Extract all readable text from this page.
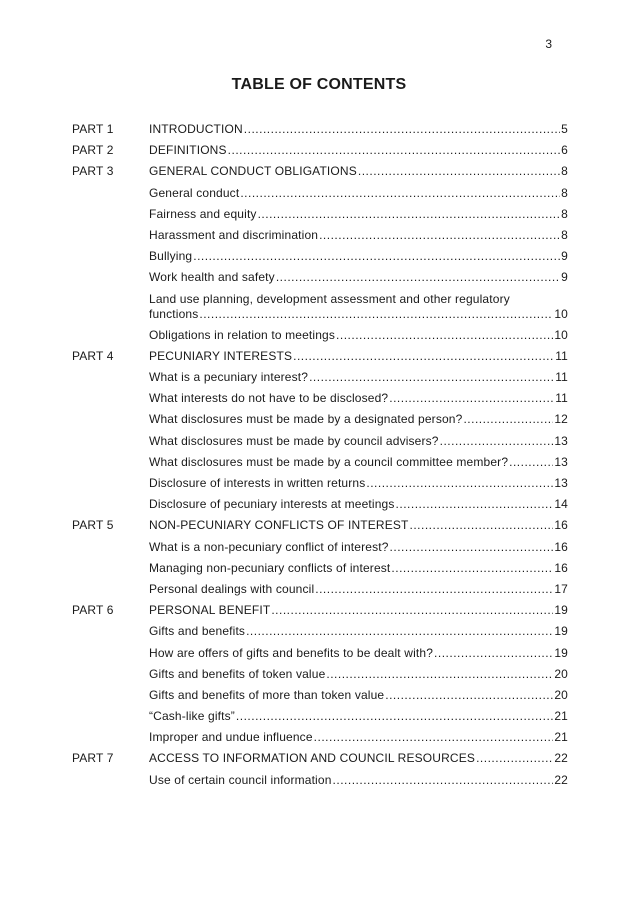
3
TABLE OF CONTENTS
PART 1	INTRODUCTION .....	5
PART 2	DEFINITIONS .....	6
PART 3	GENERAL CONDUCT OBLIGATIONS .....	8
General conduct .....	8
Fairness and equity .....	8
Harassment and discrimination .....	8
Bullying .....	9
Work health and safety .....	9
Land use planning, development assessment and other regulatory
functions .....	10
Obligations in relation to meetings .....	10
PART 4	PECUNIARY INTERESTS .....	11
What is a pecuniary interest? .....	11
What interests do not have to be disclosed? .....	11
What disclosures must be made by a designated person? .....	12
What disclosures must be made by council advisers? .....	13
What disclosures must be made by a council committee member? .....	13
Disclosure of interests in written returns .....	13
Disclosure of pecuniary interests at meetings .....	14
PART 5	NON-PECUNIARY CONFLICTS OF INTEREST .....	16
What is a non-pecuniary conflict of interest? .....	16
Managing non-pecuniary conflicts of interest .....	16
Personal dealings with council .....	17
PART 6	PERSONAL BENEFIT .....	19
Gifts and benefits .....	19
How are offers of gifts and benefits to be dealt with? .....	19
Gifts and benefits of token value .....	20
Gifts and benefits of more than token value .....	20
“Cash-like gifts” .....	21
Improper and undue influence .....	21
PART 7	ACCESS TO INFORMATION AND COUNCIL RESOURCES .....	22
Use of certain council information .....	22
